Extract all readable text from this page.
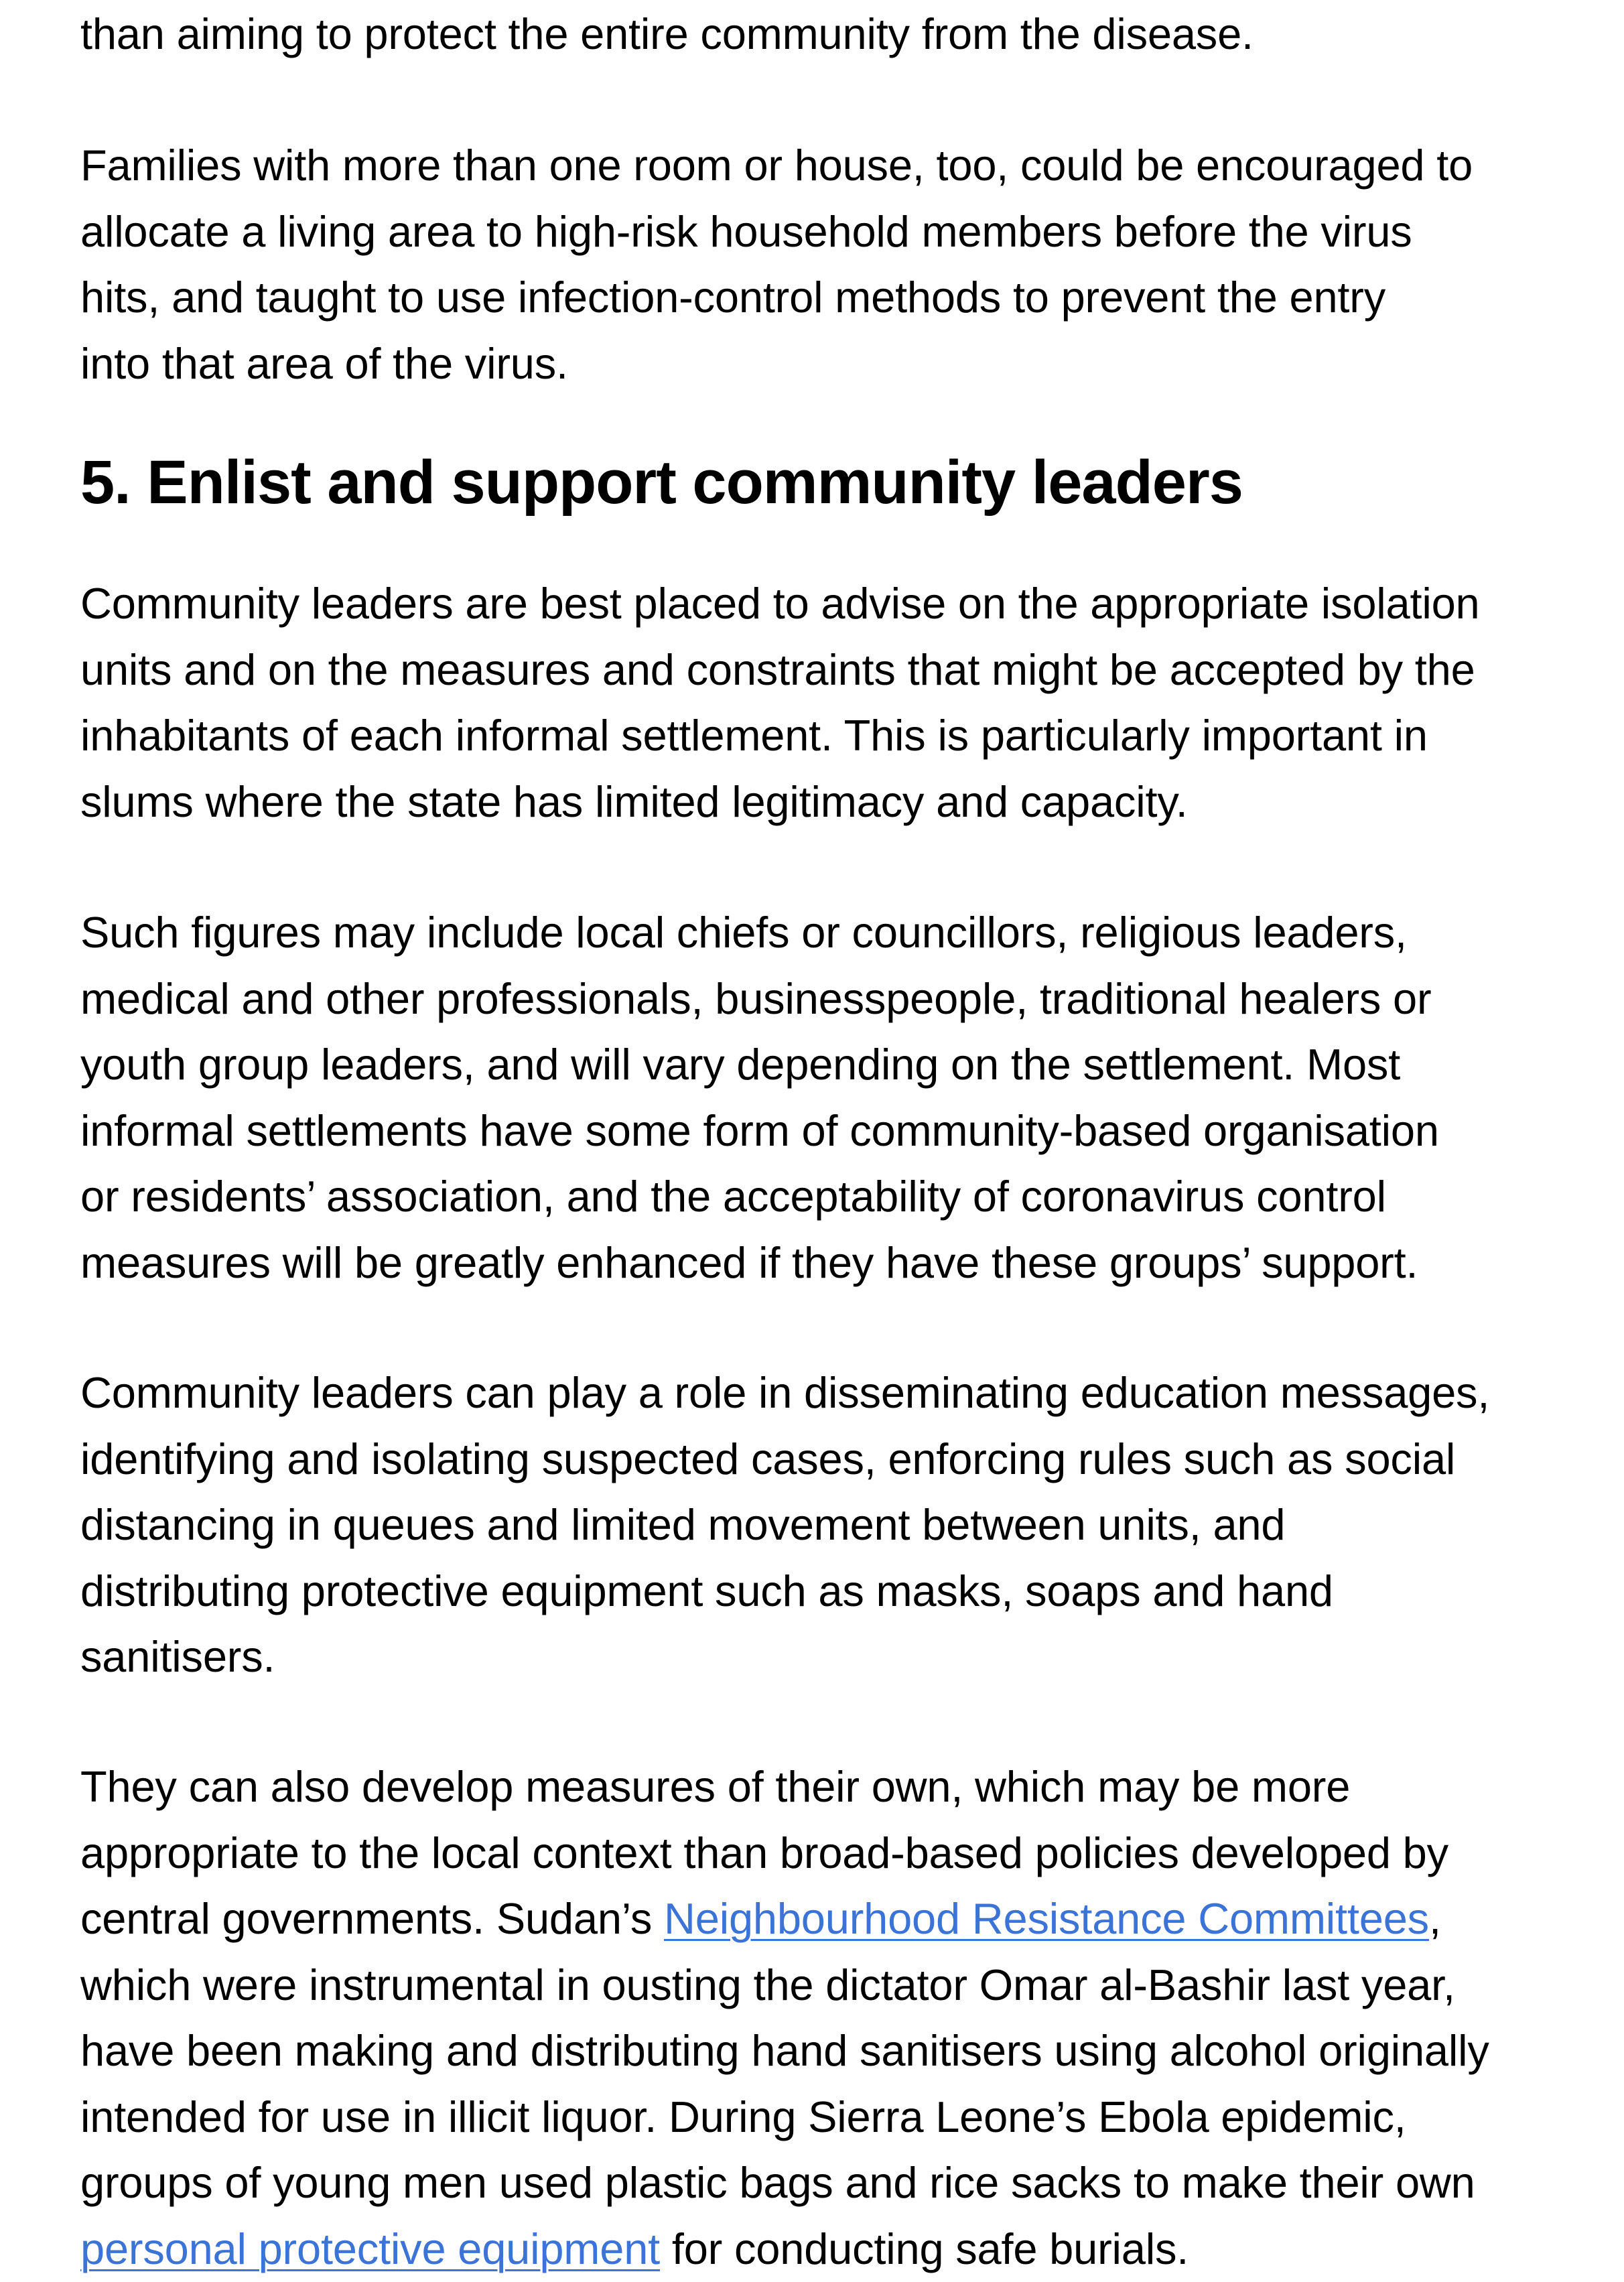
than aiming to protect the entire community from the disease.

Families with more than one room or house, too, could be encouraged to
allocate a living area to high-risk household members before the virus
hits, and taught to use infection-control methods to prevent the entry
into that area of the virus.

5. Enlist and support community leaders

Community leaders are best placed to advise on the appropriate isolation
units and on the measures and constraints that might be accepted by the
inhabitants of each informal settlement. This is particularly important in
slums where the state has limited legitimacy and capacity.

Such figures may include local chiefs or councillors, religious leaders,
medical and other professionals, businesspeople, traditional healers or
youth group leaders, and will vary depending on the settlement. Most
informal settlements have some form of community-based organisation
or residents’ association, and the acceptability of coronavirus control
measures will be greatly enhanced if they have these groups’ support.

Community leaders can play a role in disseminating education messages,
identifying and isolating suspected cases, enforcing rules such as social
distancing in queues and limited movement between units, and
distributing protective equipment such as masks, soaps and hand
sanitisers.

They can also develop measures of their own, which may be more
appropriate to the local context than broad-based policies developed by
central governments. Sudan’s Neighbourhood Resistance Committees,
which were instrumental in ousting the dictator Omar al-Bashir last year,
have been making and distributing hand sanitisers using alcohol originally
intended for use in illicit liquor. During Sierra Leone’s Ebola epidemic,
groups of young men used plastic bags and rice sacks to make their own
personal protective equipment for conducting safe burials.
